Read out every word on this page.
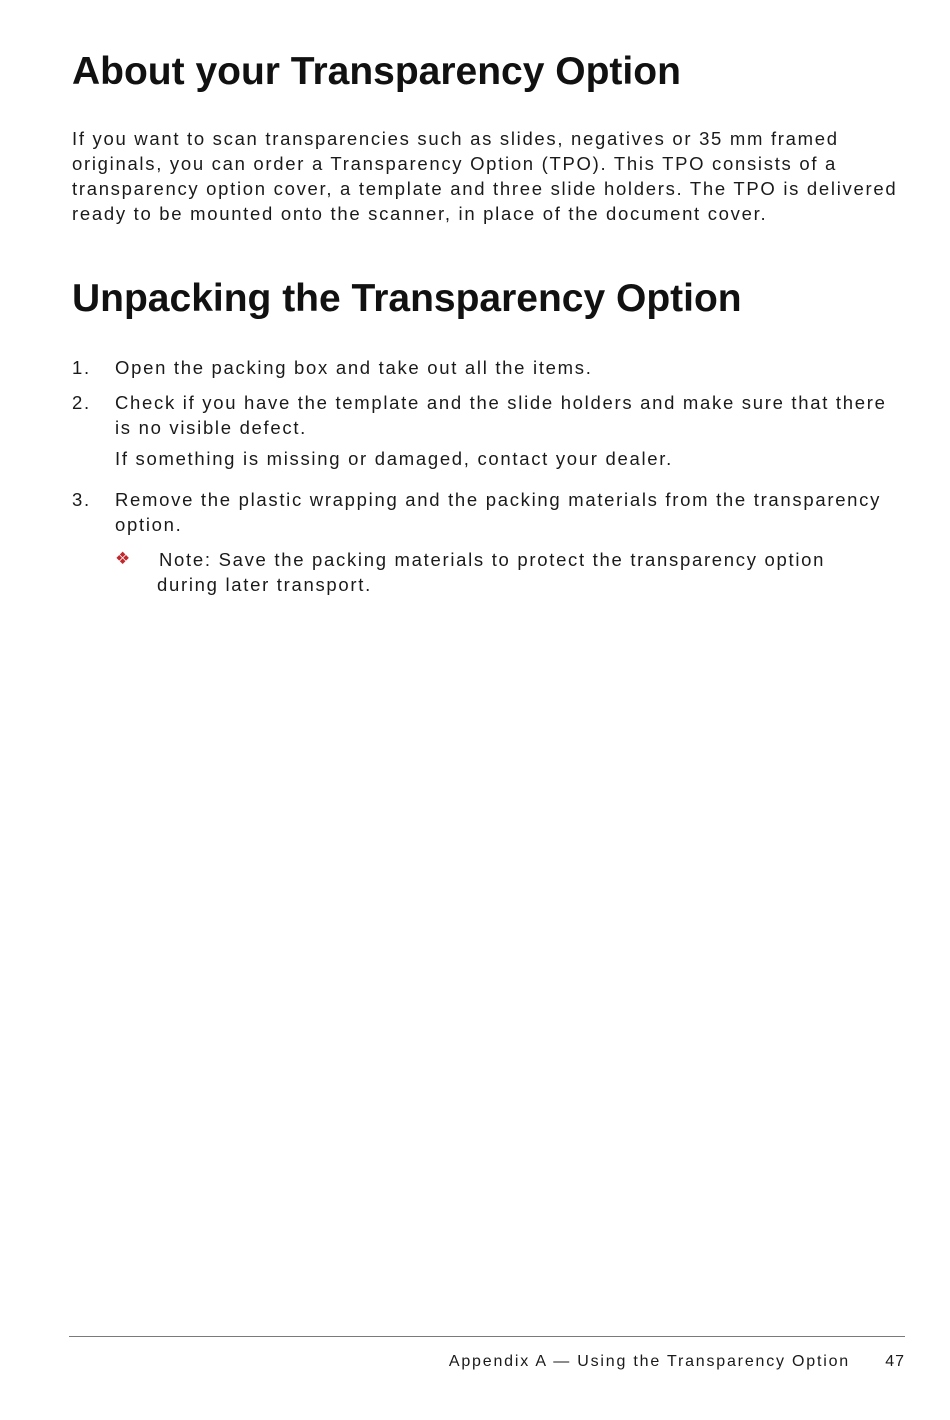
About your Transparency Option

If you want to scan transparencies such as slides, negatives or 35 mm framed originals, you can order a Transparency Option (TPO). This TPO consists of a transparency option cover, a template and three slide holders. The TPO is delivered ready to be mounted onto the scanner, in place of the document cover.

Unpacking the Transparency Option
1. Open the packing box and take out all the items.
2. Check if you have the template and the slide holders and make sure that there is no visible defect.
If something is missing or damaged, contact your dealer.
3. Remove the plastic wrapping and the packing materials from the transparency option.
❖ Note: Save the packing materials to protect the transparency option during later transport.
Appendix A — Using the Transparency Option 47
